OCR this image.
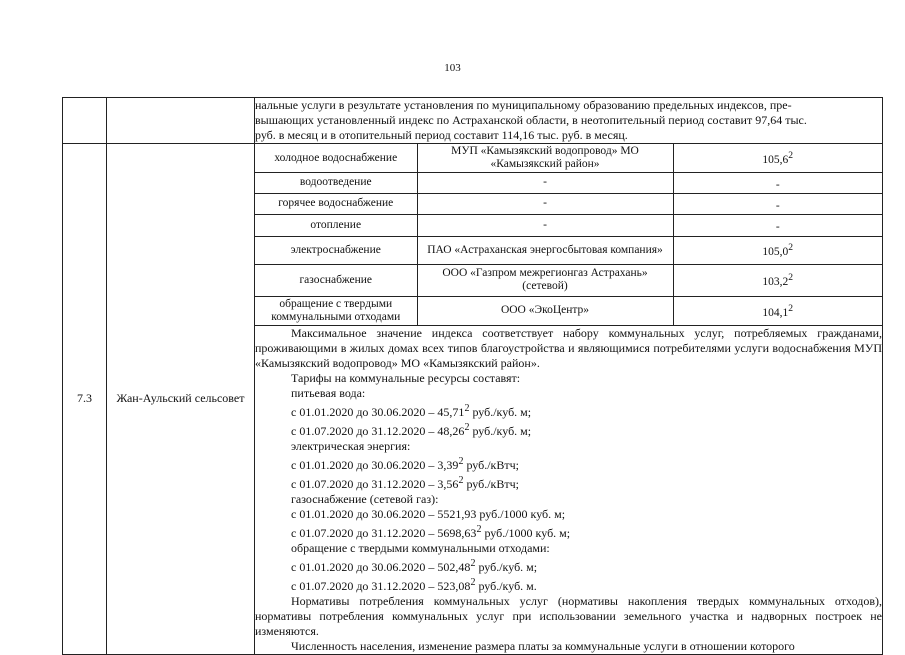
103

нальные услуги в результате установления по муниципальному образованию предельных индексов, пре-
вышающих установленный индекс по Астраханской области, в неотопительный период составит 97,64 тыс.
руб. в месяц и в отопительный период составит 114,16 тыс. руб. в месяц.

7.3	Жан-Аульский сельсовет	
холодное водоснабжение	МУП «Камызякский водопровод» МО «Камызякский район»	105,6$^2$
водоотведение	-	-
горячее водоснабжение	-	-
отопление	-	-
электроснабжение	ПАО «Астраханская энергосбытовая компания»	105,0$^2$
газоснабжение	ООО «Газпром межрегионгаз Астрахань» (сетевой)	103,2$^2$
обращение с твердыми коммунальными отходами	ООО «ЭкоЦентр»	104,1$^2$

Максимальное значение индекса соответствует набору коммунальных услуг, потребляемых гражданами, проживающими в жилых домах всех типов благоустройства и являющимися потребителями услуги водоснабжения МУП «Камызякский водопровод» МО «Камызякский район».

Тарифы на коммунальные ресурсы составят:

питьевая вода:

с 01.01.2020 до 30.06.2020 – 45,71$^2$ руб./куб. м;

с 01.07.2020 до 31.12.2020 – 48,26$^2$ руб./куб. м;

электрическая энергия:

с 01.01.2020 до 30.06.2020 – 3,39$^2$ руб./кВтч;

с 01.07.2020 до 31.12.2020 – 3,56$^2$ руб./кВтч;

газоснабжение (сетевой газ):

с 01.01.2020 до 30.06.2020 – 5521,93 руб./1000 куб. м;

с 01.07.2020 до 31.12.2020 – 5698,63$^2$ руб./1000 куб. м;

обращение с твердыми коммунальными отходами:

с 01.01.2020 до 30.06.2020 – 502,48$^2$ руб./куб. м;

с 01.07.2020 до 31.12.2020 – 523,08$^2$ руб./куб. м.

Нормативы потребления коммунальных услуг (нормативы накопления твердых коммунальных отходов), нормативы потребления коммунальных услуг при использовании земельного участка и надворных построек не изменяются.

Численность населения, изменение размера платы за коммунальные услуги в отношении которого
